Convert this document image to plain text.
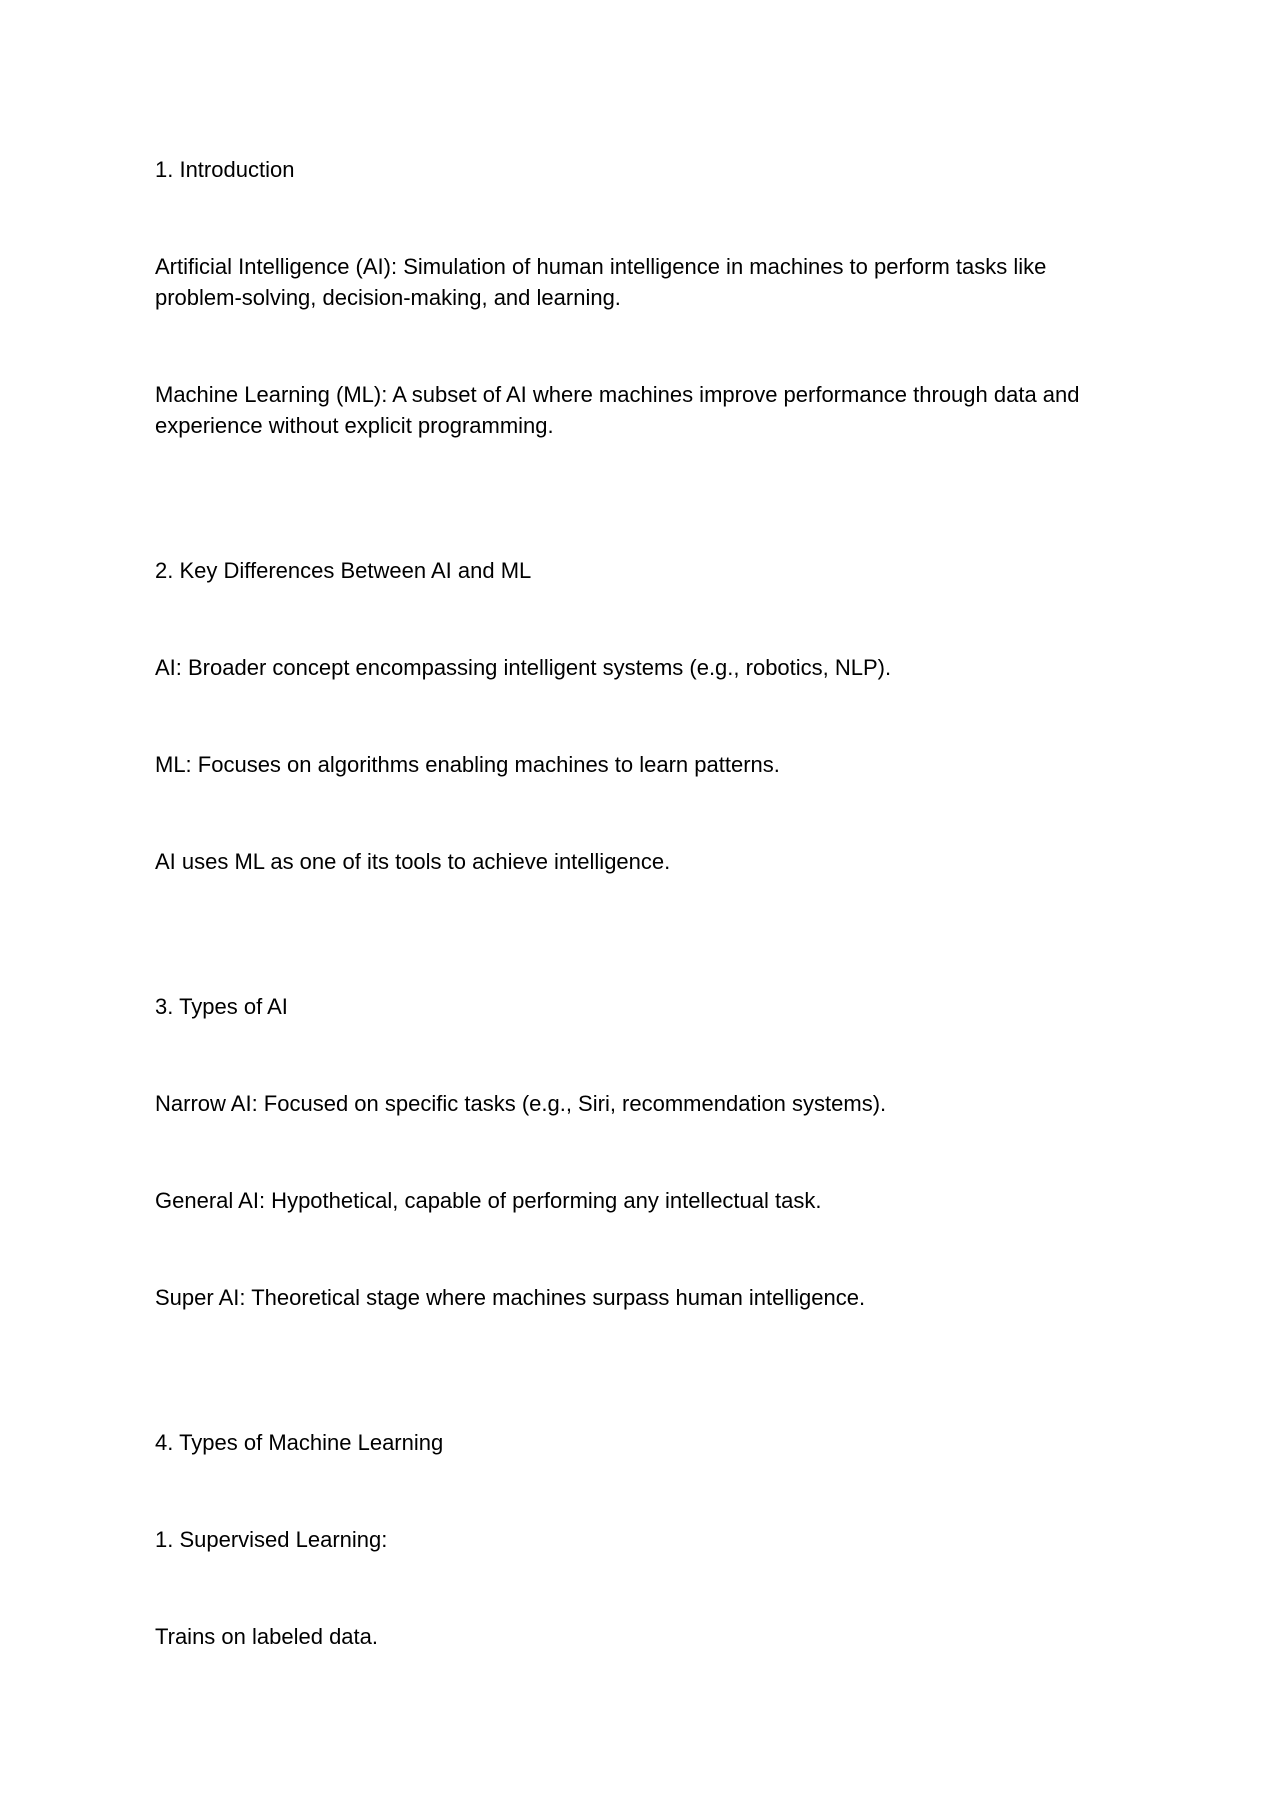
1. Introduction

Artificial Intelligence (AI): Simulation of human intelligence in machines to perform tasks like problem-solving, decision-making, and learning.

Machine Learning (ML): A subset of AI where machines improve performance through data and experience without explicit programming.

2. Key Differences Between AI and ML

AI: Broader concept encompassing intelligent systems (e.g., robotics, NLP).

ML: Focuses on algorithms enabling machines to learn patterns.

AI uses ML as one of its tools to achieve intelligence.

3. Types of AI

Narrow AI: Focused on specific tasks (e.g., Siri, recommendation systems).

General AI: Hypothetical, capable of performing any intellectual task.

Super AI: Theoretical stage where machines surpass human intelligence.

4. Types of Machine Learning

1. Supervised Learning:

Trains on labeled data.
